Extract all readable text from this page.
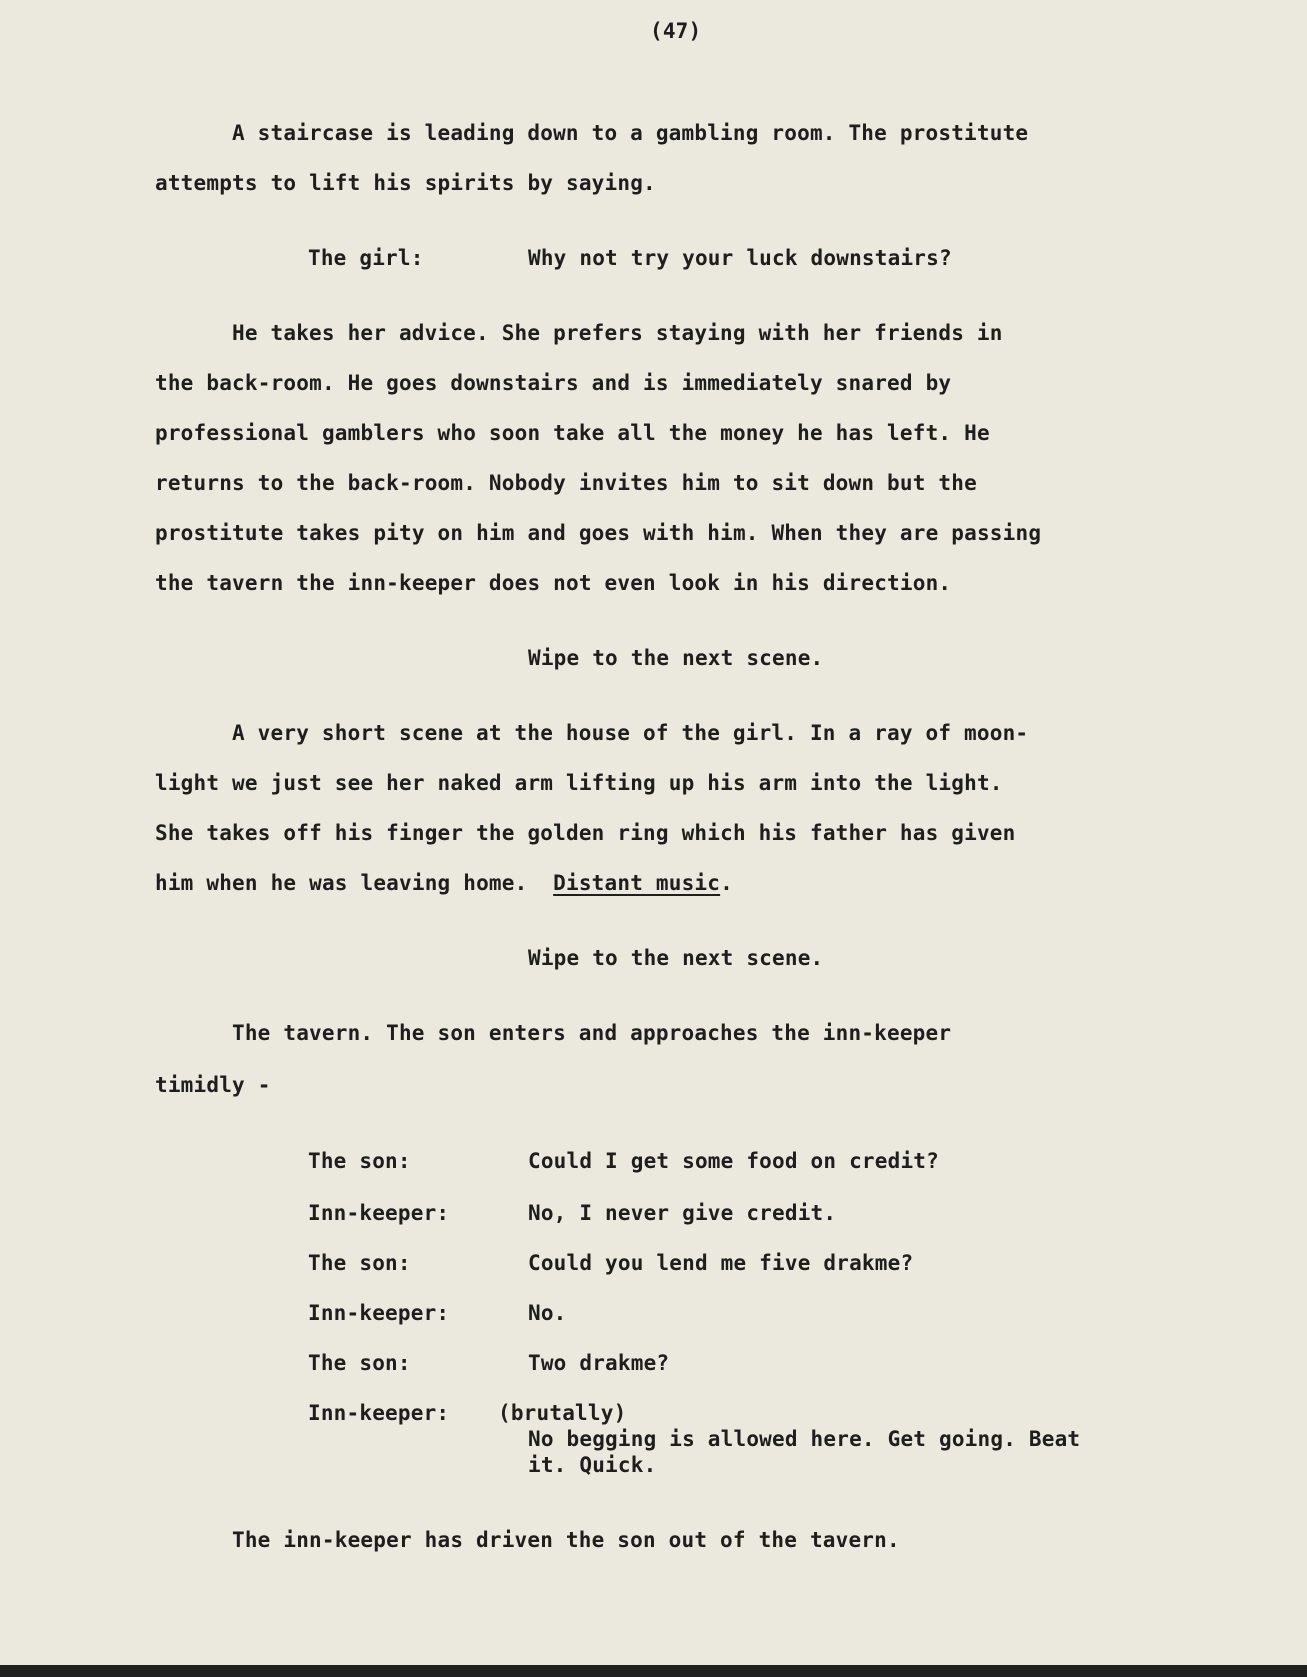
(47)
A staircase is leading down to a gambling room. The prostitute
attempts to lift his spirits by saying.
The girl:	Why not try your luck downstairs?
He takes her advice. She prefers staying with her friends in
the back-room. He goes downstairs and is immediately snared by
professional gamblers who soon take all the money he has left. He
returns to the back-room. Nobody invites him to sit down but the
prostitute takes pity on him and goes with him. When they are passing
the tavern the inn-keeper does not even look in his direction.
Wipe to the next scene.
A very short scene at the house of the girl. In a ray of moon-
light we just see her naked arm lifting up his arm into the light.
She takes off his finger the golden ring which his father has given
him when he was leaving home. Distant music.
Wipe to the next scene.
The tavern. The son enters and approaches the inn-keeper
timidly -
The son:	Could I get some food on credit?
Inn-keeper:	No, I never give credit.
The son:	Could you lend me five drakme?
Inn-keeper:	No.
The son:	Two drakme?
Inn-keeper: (brutally)
No begging is allowed here. Get going. Beat
it. Quick.
The inn-keeper has driven the son out of the tavern.
